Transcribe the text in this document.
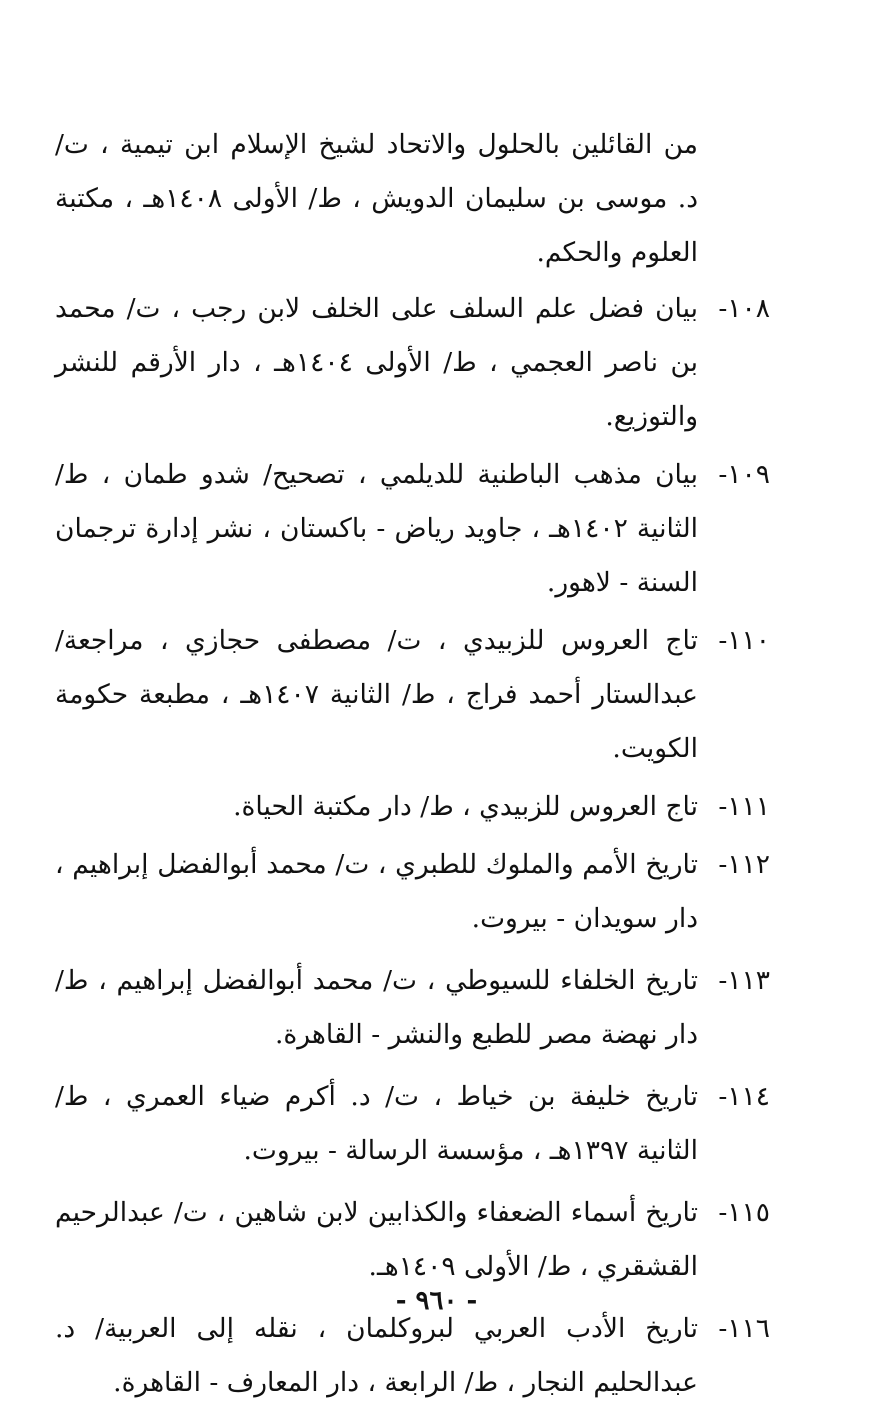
من القائلين بالحلول والاتحاد لشيخ الإسلام ابن تيمية ، ت/ د. موسى بن سليمان الدويش ، ط/ الأولى ١٤٠٨هـ ، مكتبة العلوم والحكم.
١٠٨-
بيان فضل علم السلف على الخلف لابن رجب ، ت/ محمد بن ناصر العجمي ، ط/ الأولى ١٤٠٤هـ ، دار الأرقم للنشر والتوزيع.
١٠٩-
بيان مذهب الباطنية للديلمي ، تصحيح/ شدو طمان ، ط/ الثانية ١٤٠٢هـ ، جاويد رياض - باكستان ، نشر إدارة ترجمان السنة - لاهور.
١١٠-
تاج العروس للزبيدي ، ت/ مصطفى حجازي ، مراجعة/ عبدالستار أحمد فراج ، ط/ الثانية ١٤٠٧هـ ، مطبعة حكومة الكويت.
١١١-
تاج العروس للزبيدي ، ط/ دار مكتبة الحياة.
١١٢-
تاريخ الأمم والملوك للطبري ، ت/ محمد أبوالفضل إبراهيم ، دار سويدان - بيروت.
١١٣-
تاريخ الخلفاء للسيوطي ، ت/ محمد أبوالفضل إبراهيم ، ط/ دار نهضة مصر للطبع والنشر - القاهرة.
١١٤-
تاريخ خليفة بن خياط ، ت/ د. أكرم ضياء العمري ، ط/ الثانية ١٣٩٧هـ ، مؤسسة الرسالة - بيروت.
١١٥-
تاريخ أسماء الضعفاء والكذابين لابن شاهين ، ت/ عبدالرحيم القشقري ، ط/ الأولى ١٤٠٩هـ.
١١٦-
تاريخ الأدب العربي لبروكلمان ، نقله إلى العربية/ د. عبدالحليم النجار ، ط/ الرابعة ، دار المعارف - القاهرة.
- ٩٦٠ -
